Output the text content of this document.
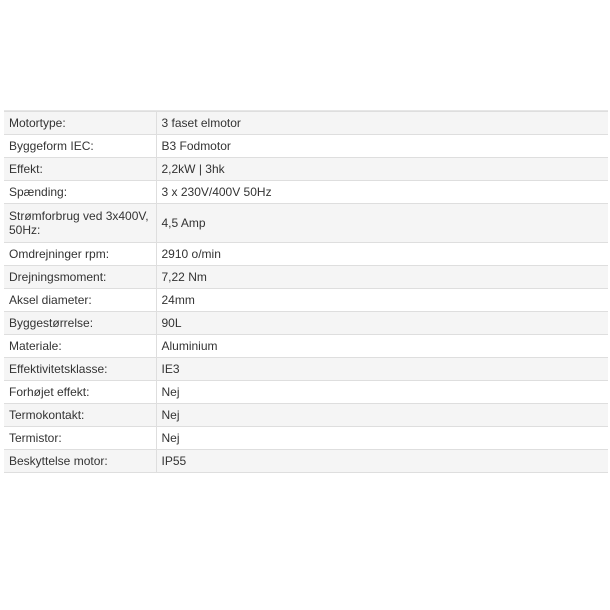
Motortype:	3 faset elmotor
Byggeform IEC:	B3 Fodmotor
Effekt:	2,2kW | 3hk
Spænding:	3 x 230V/400V 50Hz
Strømforbrug ved 3x400V, 50Hz:	4,5 Amp
Omdrejninger rpm:	2910 o/min
Drejningsmoment:	7,22 Nm
Aksel diameter:	24mm
Byggestørrelse:	90L
Materiale:	Aluminium
Effektivitetsklasse:	IE3
Forhøjet effekt:	Nej
Termokontakt:	Nej
Termistor:	Nej
Beskyttelse motor:	IP55
